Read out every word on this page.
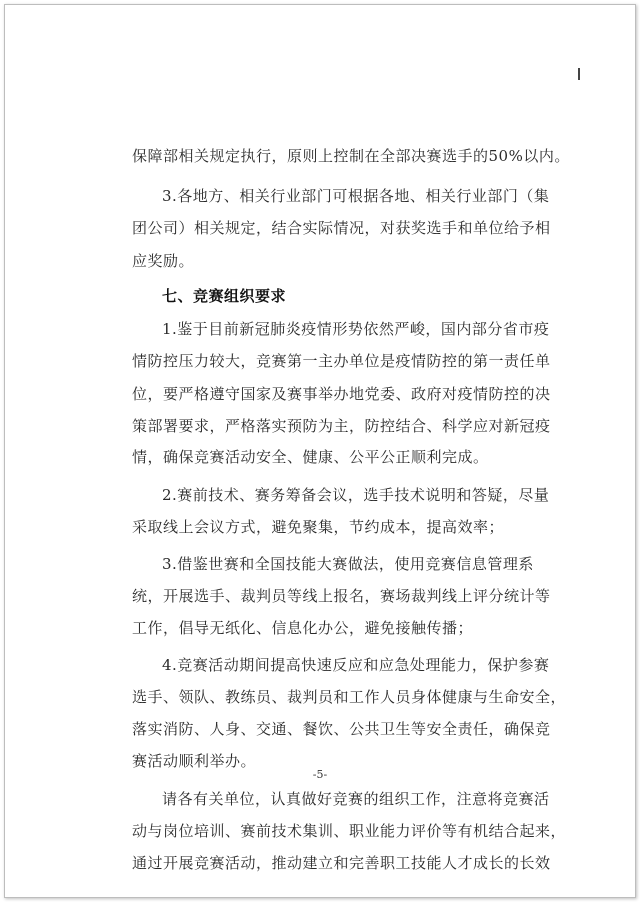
保障部相关规定执行，原则上控制在全部决赛选手的50%以内。
3.各地方、相关行业部门可根据各地、相关行业部门（集
团公司）相关规定，结合实际情况，对获奖选手和单位给予相
应奖励。
七、竞赛组织要求
1.鉴于目前新冠肺炎疫情形势依然严峻，国内部分省市疫
情防控压力较大，竞赛第一主办单位是疫情防控的第一责任单
位，要严格遵守国家及赛事举办地党委、政府对疫情防控的决
策部署要求，严格落实预防为主，防控结合、科学应对新冠疫
情，确保竞赛活动安全、健康、公平公正顺利完成。
2.赛前技术、赛务筹备会议，选手技术说明和答疑，尽量
采取线上会议方式，避免聚集，节约成本，提高效率；
3.借鉴世赛和全国技能大赛做法，使用竞赛信息管理系
统，开展选手、裁判员等线上报名，赛场裁判线上评分统计等
工作，倡导无纸化、信息化办公，避免接触传播；
4.竞赛活动期间提高快速反应和应急处理能力，保护参赛
选手、领队、教练员、裁判员和工作人员身体健康与生命安全，
落实消防、人身、交通、餐饮、公共卫生等安全责任，确保竞
赛活动顺利举办。
请各有关单位，认真做好竞赛的组织工作，注意将竞赛活
动与岗位培训、赛前技术集训、职业能力评价等有机结合起来，
通过开展竞赛活动，推动建立和完善职工技能人才成长的长效
-5-
